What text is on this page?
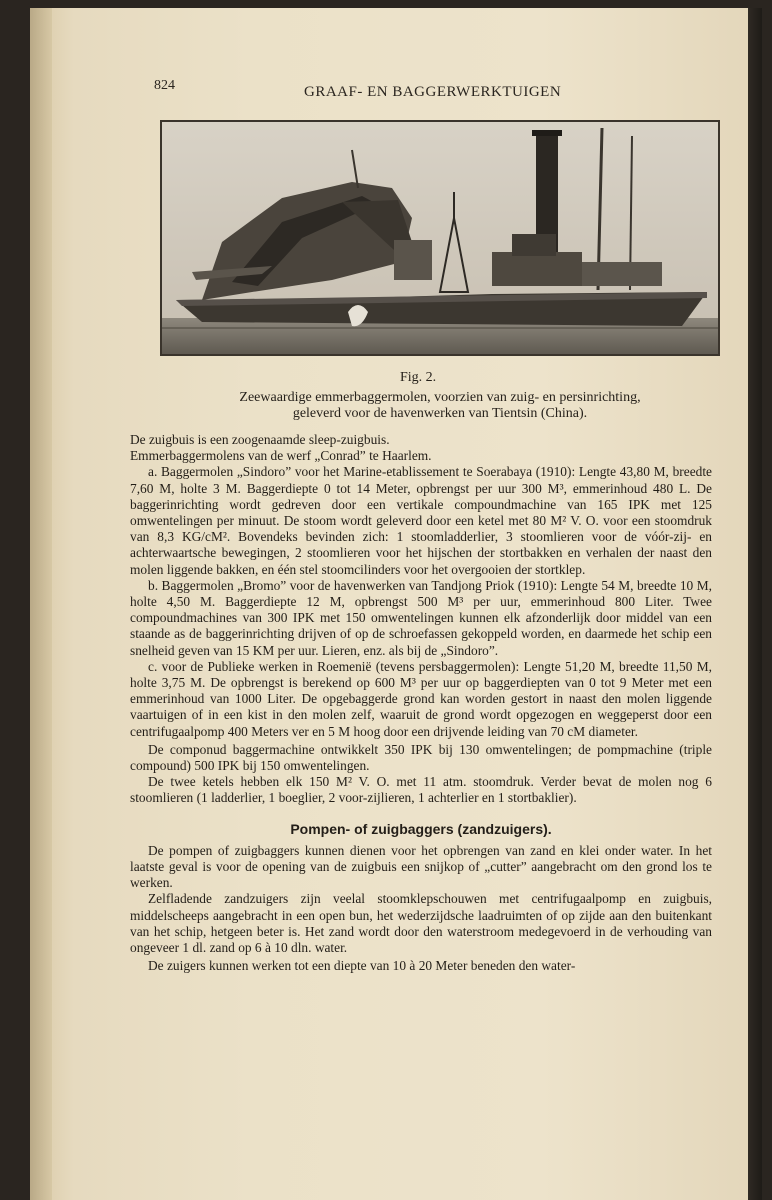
824	GRAAF- EN BAGGERWERKTUIGEN
Fig. 2.
Zeewaardige emmerbaggermolen, voorzien van zuig- en persinrichting,
geleverd voor de havenwerken van Tientsin (China).

De zuigbuis is een zoogenaamde sleep-zuigbuis.

Emmerbaggermolens van de werf „Conrad” te Haarlem.

a. Baggermolen „Sindoro” voor het Marine-etablissement te Soerabaya (1910): Lengte 43,80 M, breedte 7,60 M, holte 3 M. Baggerdiepte 0 tot 14 Meter, opbrengst per uur 300 M³, emmerinhoud 480 L. De baggerinrichting wordt gedreven door een vertikale compoundmachine van 165 IPK met 125 omwentelingen per minuut. De stoom wordt geleverd door een ketel met 80 M² V. O. voor een stoomdruk van 8,3 KG/cM². Bovendeks bevinden zich: 1 stoomladderlier, 3 stoomlieren voor de vóór-zij- en achterwaartsche bewegingen, 2 stoomlieren voor het hijschen der stortbakken en verhalen der naast den molen liggende bakken, en één stel stoomcilinders voor het overgooien der stortklep.

b. Baggermolen „Bromo” voor de havenwerken van Tandjong Priok (1910): Lengte 54 M, breedte 10 M, holte 4,50 M. Baggerdiepte 12 M, opbrengst 500 M³ per uur, emmerinhoud 800 Liter. Twee compoundmachines van 300 IPK met 150 omwentelingen kunnen elk afzonderlijk door middel van een staande as de baggerinrichting drijven of op de schroefassen gekoppeld worden, en daarmede het schip een snelheid geven van 15 KM per uur. Lieren, enz. als bij de „Sindoro”.

c. voor de Publieke werken in Roemenië (tevens persbaggermolen): Lengte 51,20 M, breedte 11,50 M, holte 3,75 M. De opbrengst is berekend op 600 M³ per uur op baggerdiepten van 0 tot 9 Meter met een emmerinhoud van 1000 Liter. De opgebaggerde grond kan worden gestort in naast den molen liggende vaartuigen of in een kist in den molen zelf, waaruit de grond wordt opgezogen en weggeperst door een centrifugaalpomp 400 Meters ver en 5 M hoog door een drijvende leiding van 70 cM diameter.

De componud baggermachine ontwikkelt 350 IPK bij 130 omwentelingen; de pompmachine (triple compound) 500 IPK bij 150 omwentelingen.

De twee ketels hebben elk 150 M² V. O. met 11 atm. stoomdruk. Verder bevat de molen nog 6 stoomlieren (1 ladderlier, 1 boeglier, 2 voor-zijlieren, 1 achterlier en 1 stortbaklier).

Pompen- of zuigbaggers (zandzuigers).

De pompen of zuigbaggers kunnen dienen voor het opbrengen van zand en klei onder water. In het laatste geval is voor de opening van de zuigbuis een snijkop of „cutter” aangebracht om den grond los te werken.

Zelfladende zandzuigers zijn veelal stoomklepschouwen met centrifugaalpomp en zuigbuis, middelscheeps aangebracht in een open bun, het wederzijdsche laadruimten of op zijde aan den buitenkant van het schip, hetgeen beter is. Het zand wordt door den waterstroom medegevoerd in de verhouding van ongeveer 1 dl. zand op 6 à 10 dln. water.

De zuigers kunnen werken tot een diepte van 10 à 20 Meter beneden den water-
